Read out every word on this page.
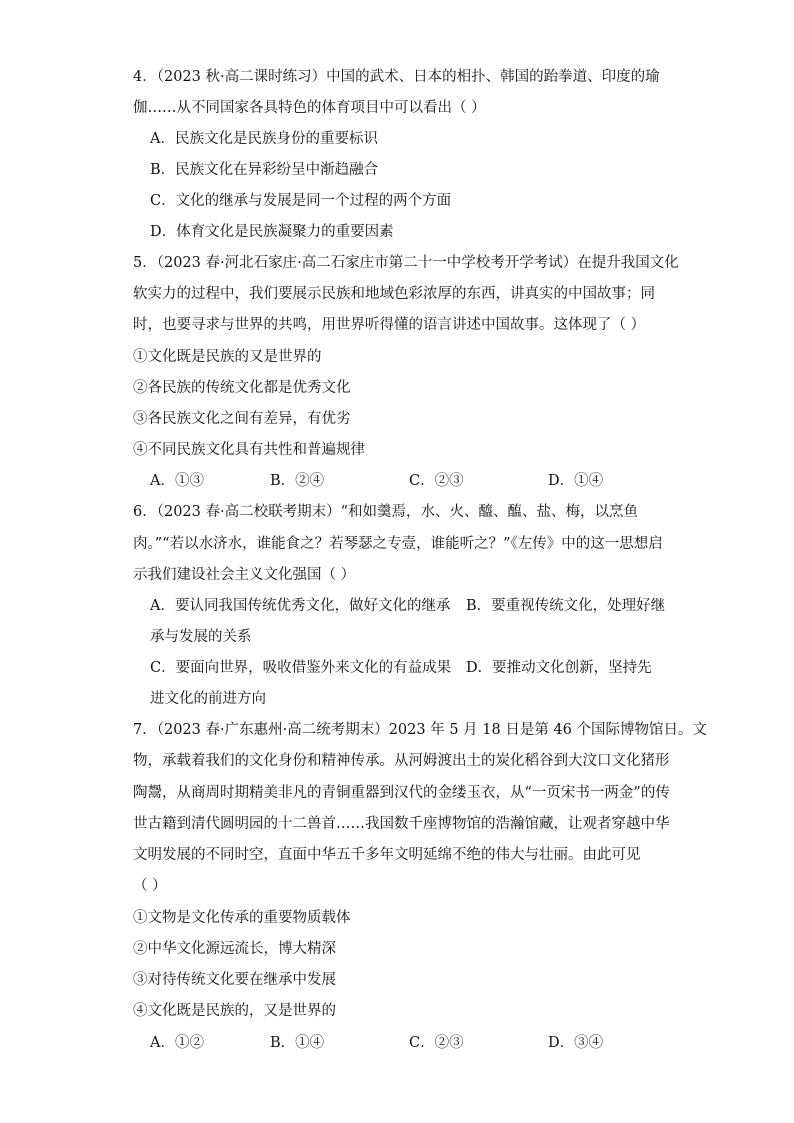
4．（2023 秋·高二课时练习）中国的武术、日本的相扑、韩国的跆拳道、印度的瑜
伽……从不同国家各具特色的体育项目中可以看出（ ）
A．民族文化是民族身份的重要标识
B．民族文化在异彩纷呈中渐趋融合
C．文化的继承与发展是同一个过程的两个方面
D．体育文化是民族凝聚力的重要因素
5．（2023 春·河北石家庄·高二石家庄市第二十一中学校考开学考试）在提升我国文化
软实力的过程中，我们要展示民族和地域色彩浓厚的东西，讲真实的中国故事；同
时，也要寻求与世界的共鸣，用世界听得懂的语言讲述中国故事。这体现了（ ）
①文化既是民族的又是世界的
②各民族的传统文化都是优秀文化
③各民族文化之间有差异，有优劣
④不同民族文化具有共性和普遍规律
A．①③	B．②④	C．②③	D．①④
6．（2023 春·高二校联考期末）“和如羹焉，水、火、醯、醢、盐、梅，以烹鱼
肉。”“若以水济水，谁能食之？若琴瑟之专壹，谁能听之？”《左传》中的这一思想启
示我们建设社会主义文化强国（ ）
A．要认同我国传统优秀文化，做好文化的继承 B．要重视传统文化，处理好继
承与发展的关系
C．要面向世界，吸收借鉴外来文化的有益成果 D．要推动文化创新，坚持先
进文化的前进方向
7．（2023 春·广东惠州·高二统考期末）2023 年 5 月 18 日是第 46 个国际博物馆日。文
物，承载着我们的文化身份和精神传承。从河姆渡出土的炭化稻谷到大汶口文化猪形
陶鬶，从商周时期精美非凡的青铜重器到汉代的金缕玉衣，从“一页宋书一两金”的传
世古籍到清代圆明园的十二兽首……我国数千座博物馆的浩瀚馆藏，让观者穿越中华
文明发展的不同时空，直面中华五千多年文明延绵不绝的伟大与壮丽。由此可见
（ ）
①文物是文化传承的重要物质载体
②中华文化源远流长，博大精深
③对待传统文化要在继承中发展
④文化既是民族的，又是世界的
A．①②	B．①④	C．②③	D．③④
